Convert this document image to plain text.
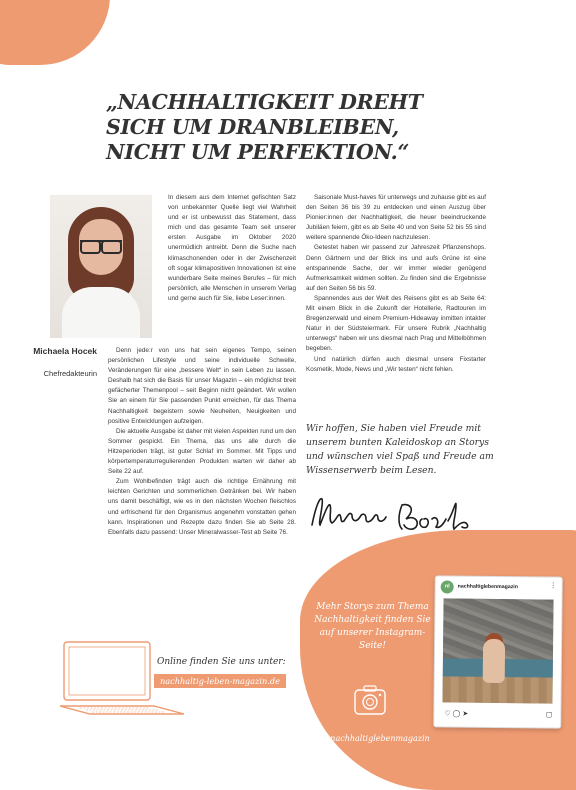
„NACHHALTIGKEIT DREHT SICH UM DRANBLEIBEN, NICHT UM PERFEKTION.“
Michaela Hocek
Chefredakteurin

In diesem aus dem Internet gefischten Satz von unbekannter Quelle liegt viel Wahrheit und er ist unbewusst das Statement, dass mich und das gesamte Team seit unserer ersten Ausgabe im Oktober 2020 unermüdlich antreibt. Denn die Suche nach klimaschonenden oder in der Zwischenzeit oft sogar klimapositiven Innovationen ist eine wunderbare Seite meines Berufes – für mich persönlich, alle Menschen in unserem Verlag und gerne auch für Sie, liebe Leser:innen.

Denn jede:r von uns hat sein eigenes Tempo, seinen persönlichen Lifestyle und seine individuelle Schwelle, Veränderungen für eine „bessere Welt“ in sein Leben zu lassen. Deshalb hat sich die Basis für unser Magazin – ein möglichst breit gefächerter Themenpool – seit Beginn nicht geändert. Wir wollen Sie an einem für Sie passenden Punkt erreichen, für das Thema Nachhaltigkeit begeistern sowie Neuheiten, Neuigkeiten und positive Entwicklungen aufzeigen.

Die aktuelle Ausgabe ist daher mit vielen Aspekten rund um den Sommer gespickt. Ein Thema, das uns alle durch die Hitzeperioden trägt, ist guter Schlaf im Sommer. Mit Tipps und körpertemperaturregulierenden Produkten warten wir daher ab Seite 22 auf.

Zum Wohlbefinden trägt auch die richtige Ernährung mit leichten Gerichten und sommerlichen Getränken bei. Wir haben uns damit beschäftigt, wie es in den nächsten Wochen fleischlos und erfrischend für den Organismus angenehm vonstatten gehen kann. Inspirationen und Rezepte dazu finden Sie ab Seite 28. Ebenfalls dazu passend: Unser Mineralwasser-Test ab Seite 76.

Saisonale Must-haves für unterwegs und zuhause gibt es auf den Seiten 36 bis 39 zu entdecken und einen Auszug über Pionier:innen der Nachhaltigkeit, die heuer beeindruckende Jubiläen feiern, gibt es ab Seite 40 und von Seite 52 bis 55 sind weitere spannende Öko-Ideen nachzulesen.

Getestet haben wir passend zur Jahreszeit Pflanzenshops. Denn Gärtnern und der Blick ins und aufs Grüne ist eine entspannende Sache, der wir immer wieder genügend Aufmerksamkeit widmen sollten. Zu finden sind die Ergebnisse auf den Seiten 56 bis 59.

Spannendes aus der Welt des Reisens gibt es ab Seite 64: Mit einem Blick in die Zukunft der Hotellerie, Radtouren im Bregenzerwald und einem Premium-Hideaway inmitten intakter Natur in der Südsteiermark. Für unsere Rubrik „Nachhaltig unterwegs“ haben wir uns diesmal nach Prag und Mittelböhmen begeben.

Und natürlich dürfen auch diesmal unsere Fixstarter Kosmetik, Mode, News und „Wir testen“ nicht fehlen.

Wir hoffen, Sie haben viel Freude mit unserem bunten Kaleidoskop an Storys und wünschen viel Spaß und Freude am Wissenserwerb beim Lesen.

Online finden Sie uns unter:
nachhaltig-leben-magazin.de
Mehr Storys zum Thema Nachhaltigkeit finden Sie auf unserer Instagram-Seite!
@nachhaltiglebenmagazin
nl	nachhaltiglebenmagazin	⋮
♡ ◯ ➤	▢
